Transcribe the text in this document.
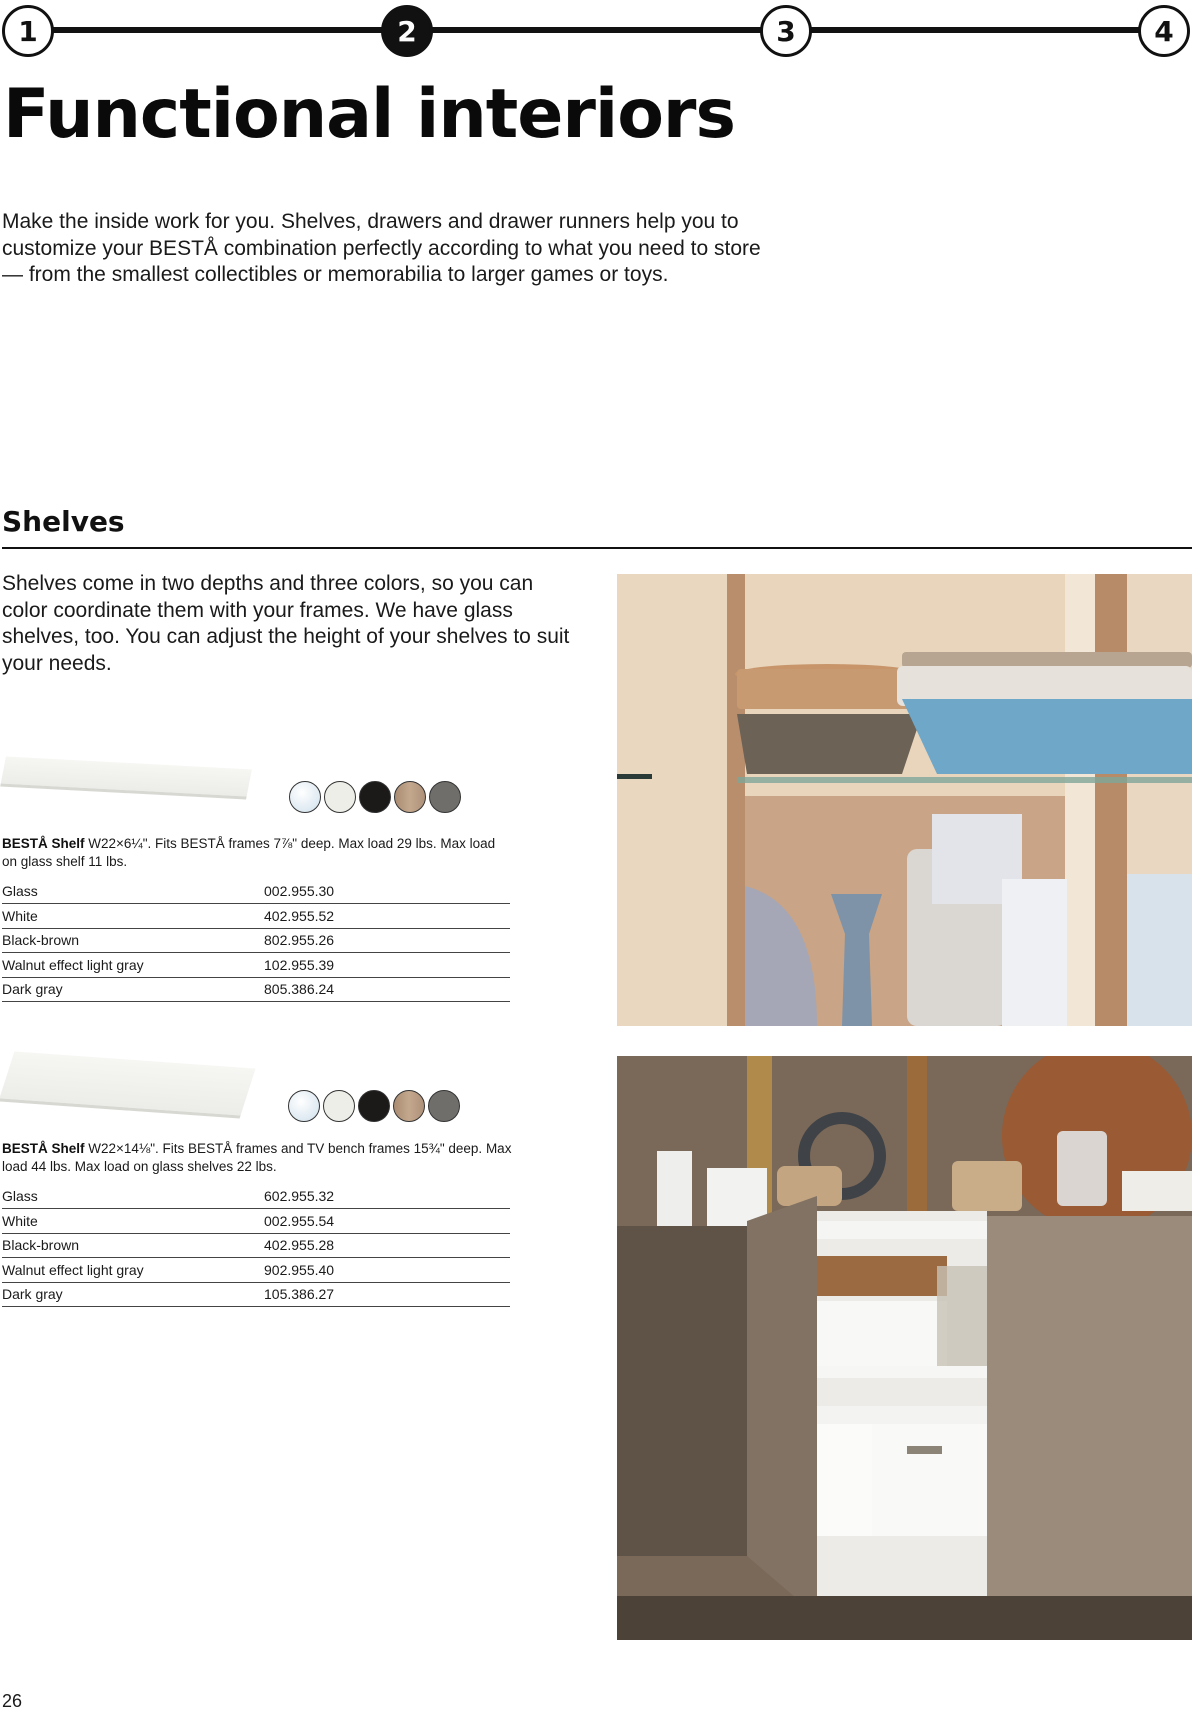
1	2	3	4
Functional interiors

Make the inside work for you. Shelves, drawers and drawer runners help you to customize your BESTÅ combination perfectly according to what you need to store — from the smallest collectibles or memorabilia to larger games or toys.

Shelves

Shelves come in two depths and three colors, so you can color coordinate them with your frames. We have glass shelves, too. You can adjust the height of your shelves to suit your needs.

BESTÅ Shelf W22×6¼". Fits BESTÅ frames 7⅞" deep. Max load 29 lbs. Max load on glass shelf 11 lbs.

Glass	002.955.30
White	402.955.52
Black-brown	802.955.26
Walnut effect light gray	102.955.39
Dark gray	805.386.24

BESTÅ Shelf W22×14⅛". Fits BESTÅ frames and TV bench frames 15¾" deep. Max load 44 lbs. Max load on glass shelves 22 lbs.

Glass	602.955.32
White	002.955.54
Black-brown	402.955.28
Walnut effect light gray	902.955.40
Dark gray	105.386.27
26
